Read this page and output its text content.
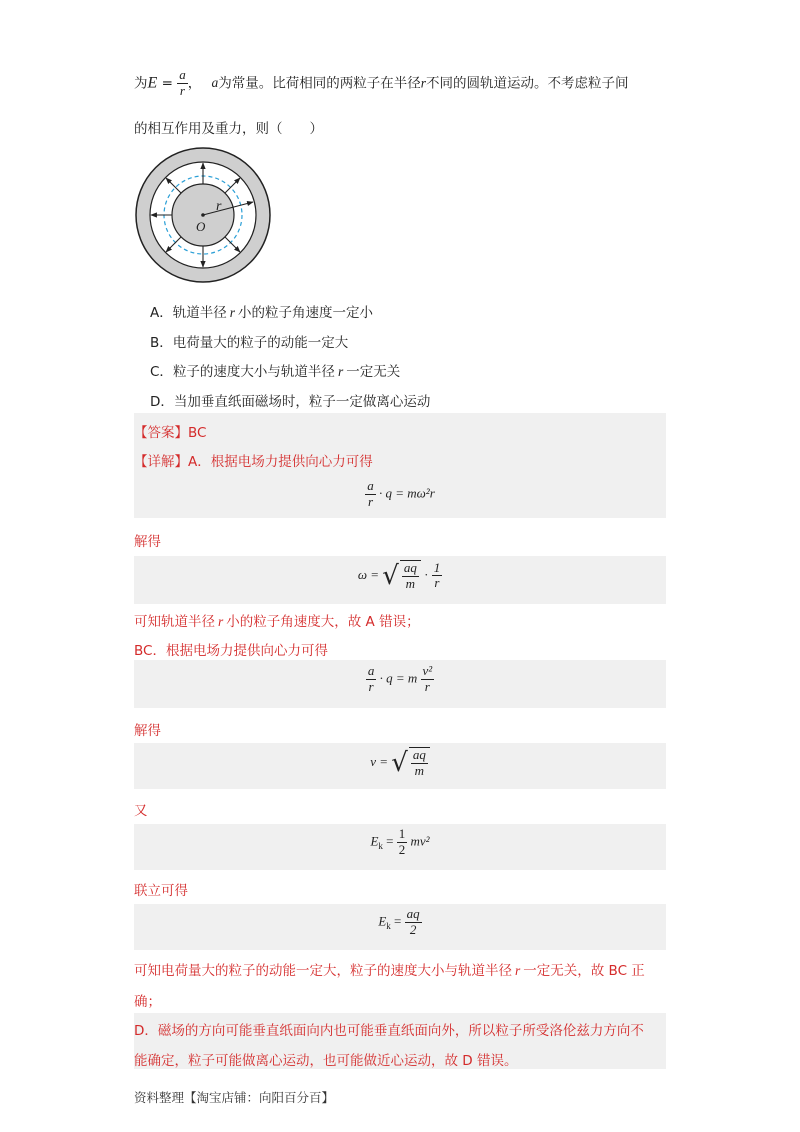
为$E = \frac{a}{r}$ ， a为常量。比荷相同的两粒子在半径r不同的圆轨道运动。不考虑粒子间
的相互作用及重力，则（　　）
r
O
A．轨道半径 r 小的粒子角速度一定小
B．电荷量大的粒子的动能一定大
C．粒子的速度大小与轨道半径 r 一定无关
D．当加垂直纸面磁场时，粒子一定做离心运动
【答案】BC
【详解】A．根据电场力提供向心力可得
$\frac{a}{r} \cdot q = m\omega^2r$
解得
ω = √ $\frac{aq}{m} \cdot \frac{1}{r}$
可知轨道半径 r 小的粒子角速度大，故 A 错误；
BC．根据电场力提供向心力可得
$\frac{a}{r} \cdot q = m \frac{\text{v²}}{r}$
解得
v = √ $\frac{aq}{m}$
又
$E_k = \frac{1}{2} mv^2$
联立可得
$E_k = \frac{aq}{2}$
可知电荷量大的粒子的动能一定大，粒子的速度大小与轨道半径 r 一定无关，故 BC 正
确；
D．磁场的方向可能垂直纸面向内也可能垂直纸面向外，所以粒子所受洛伦兹力方向不
能确定，粒子可能做离心运动，也可能做近心运动，故 D 错误。
资料整理【淘宝店铺：向阳百分百】
